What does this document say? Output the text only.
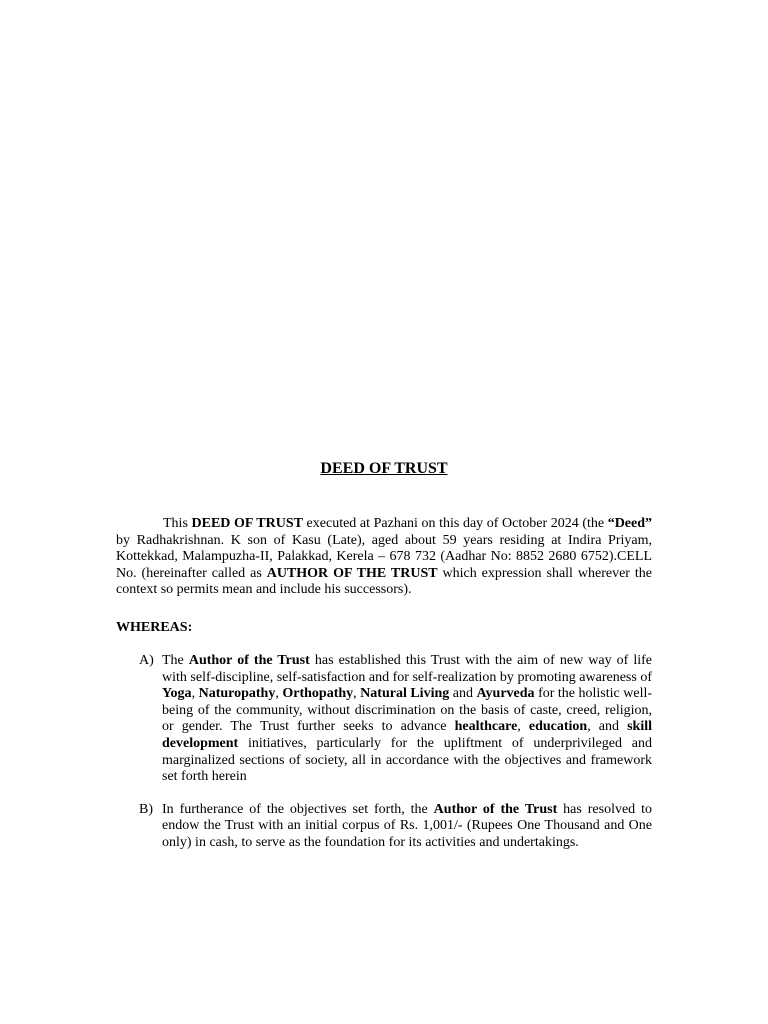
DEED OF TRUST

This DEED OF TRUST executed at Pazhani on this day of October 2024 (the “Deed” by Radhakrishnan. K son of Kasu (Late), aged about 59 years residing at Indira Priyam, Kottekkad, Malampuzha-II, Palakkad, Kerela – 678 732 (Aadhar No: 8852 2680 6752).CELL No. (hereinafter called as AUTHOR OF THE TRUST which expression shall wherever the context so permits mean and include his successors).

WHEREAS:

A) The Author of the Trust has established this Trust with the aim of new way of life with self-discipline, self-satisfaction and for self-realization by promoting awareness of Yoga, Naturopathy, Orthopathy, Natural Living and Ayurveda for the holistic well-being of the community, without discrimination on the basis of caste, creed, religion, or gender. The Trust further seeks to advance healthcare, education, and skill development initiatives, particularly for the upliftment of underprivileged and marginalized sections of society, all in accordance with the objectives and framework set forth herein
B) In furtherance of the objectives set forth, the Author of the Trust has resolved to endow the Trust with an initial corpus of Rs. 1,001/- (Rupees One Thousand and One only) in cash, to serve as the foundation for its activities and undertakings.
